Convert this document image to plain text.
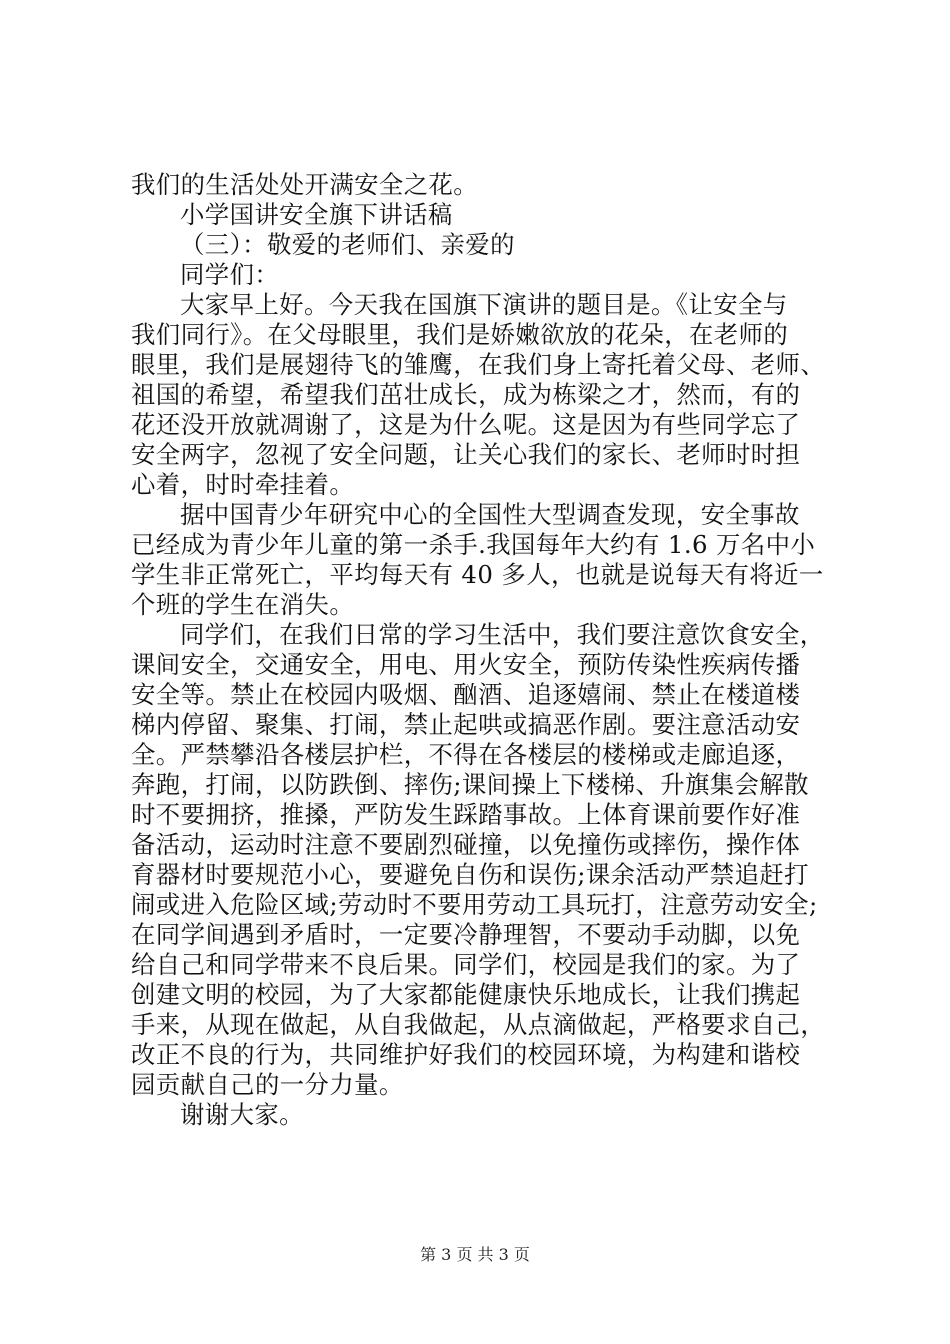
我们的生活处处开满安全之花。
小学国讲安全旗下讲话稿
（三）：敬爱的老师们、亲爱的
同学们：
大家早上好。今天我在国旗下演讲的题目是。《让安全与
我们同行》。在父母眼里，我们是娇嫩欲放的花朵，在老师的
眼里，我们是展翅待飞的雏鹰，在我们身上寄托着父母、老师、
祖国的希望，希望我们茁壮成长，成为栋梁之才，然而，有的
花还没开放就凋谢了，这是为什么呢。这是因为有些同学忘了
安全两字，忽视了安全问题，让关心我们的家长、老师时时担
心着，时时牵挂着。
据中国青少年研究中心的全国性大型调查发现，安全事故
已经成为青少年儿童的第一杀手.我国每年大约有 1.6 万名中小
学生非正常死亡，平均每天有 40 多人，也就是说每天有将近一
个班的学生在消失。
同学们，在我们日常的学习生活中，我们要注意饮食安全，
课间安全，交通安全，用电、用火安全，预防传染性疾病传播
安全等。禁止在校园内吸烟、酗酒、追逐嬉闹、禁止在楼道楼
梯内停留、聚集、打闹，禁止起哄或搞恶作剧。要注意活动安
全。严禁攀沿各楼层护栏，不得在各楼层的楼梯或走廊追逐，
奔跑，打闹，以防跌倒、摔伤;课间操上下楼梯、升旗集会解散
时不要拥挤，推搡，严防发生踩踏事故。上体育课前要作好准
备活动，运动时注意不要剧烈碰撞，以免撞伤或摔伤，操作体
育器材时要规范小心，要避免自伤和误伤;课余活动严禁追赶打
闹或进入危险区域;劳动时不要用劳动工具玩打，注意劳动安全;
在同学间遇到矛盾时，一定要冷静理智，不要动手动脚，以免
给自己和同学带来不良后果。同学们，校园是我们的家。为了
创建文明的校园，为了大家都能健康快乐地成长，让我们携起
手来，从现在做起，从自我做起，从点滴做起，严格要求自己，
改正不良的行为，共同维护好我们的校园环境，为构建和谐校
园贡献自己的一分力量。
谢谢大家。
第 3 页 共 3 页
